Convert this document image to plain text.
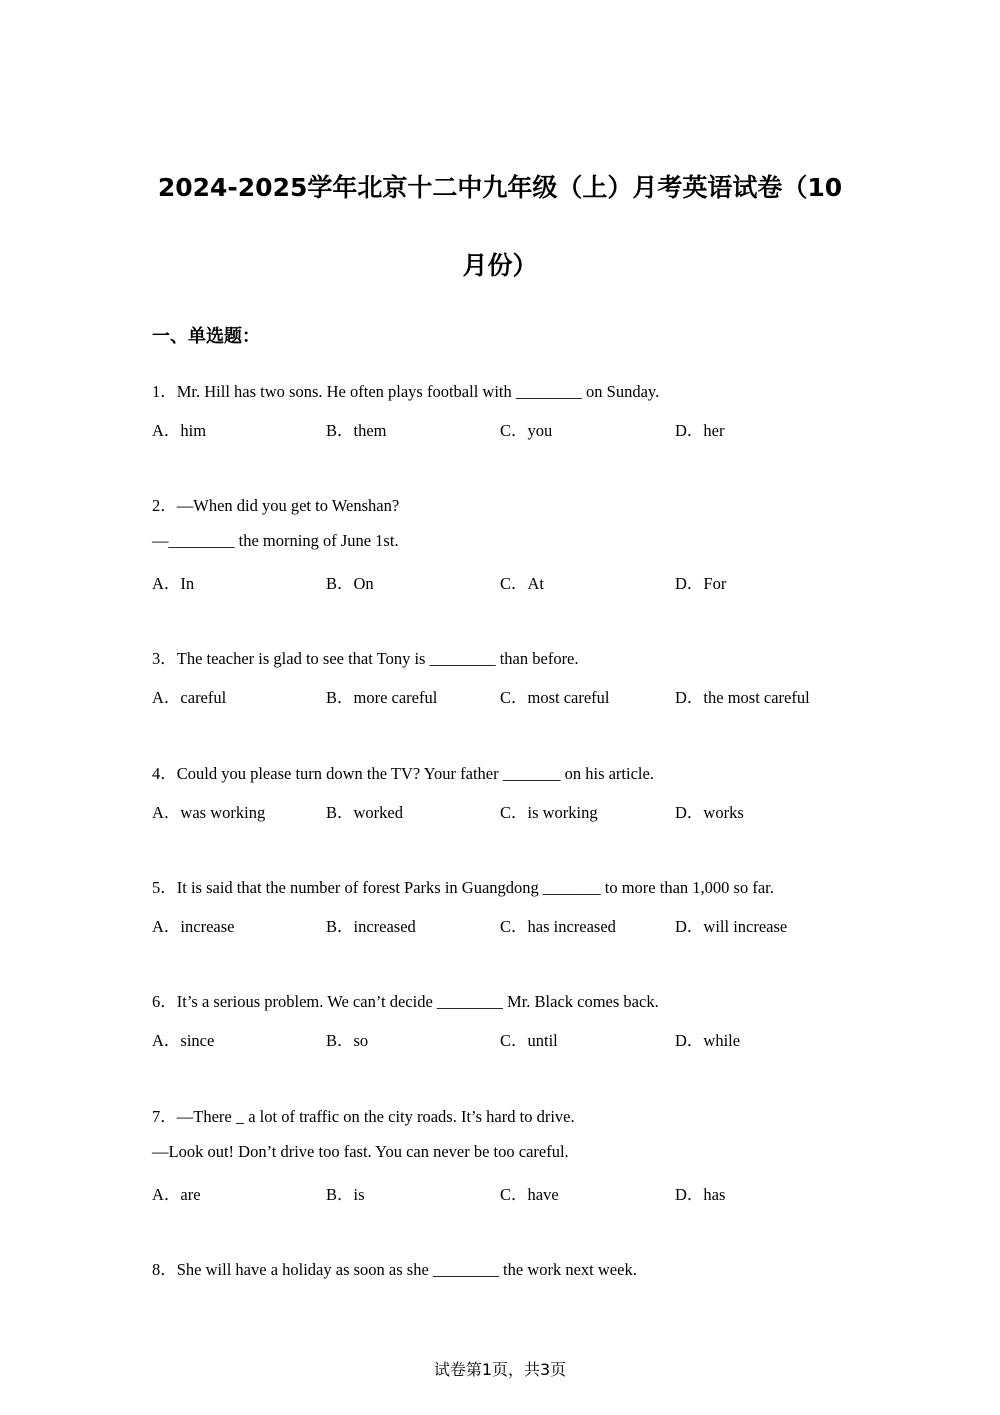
2024-2025学年北京十二中九年级（上）月考英语试卷（10
月份）
一、单选题：
1．Mr. Hill has two sons. He often plays football with ________ on Sunday.
A．him	B．them	C．you	D．her
2．—When did you get to Wenshan?
—________ the morning of June 1st.
A．In	B．On	C．At	D．For
3．The teacher is glad to see that Tony is ________ than before.
A．careful	B．more careful	C．most careful	D．the most careful
4．Could you please turn down the TV? Your father _______ on his article.
A．was working	B．worked	C．is working	D．works
5．It is said that the number of forest Parks in Guangdong _______ to more than 1,000 so far.
A．increase	B．increased	C．has increased	D．will increase
6．It’s a serious problem. We can’t decide ________ Mr. Black comes back.
A．since	B．so	C．until	D．while
7．—There _ a lot of traffic on the city roads. It’s hard to drive.
—Look out! Don’t drive too fast. You can never be too careful.
A．are	B．is	C．have	D．has
8．She will have a holiday as soon as she ________ the work next week.
试卷第1页，共3页
